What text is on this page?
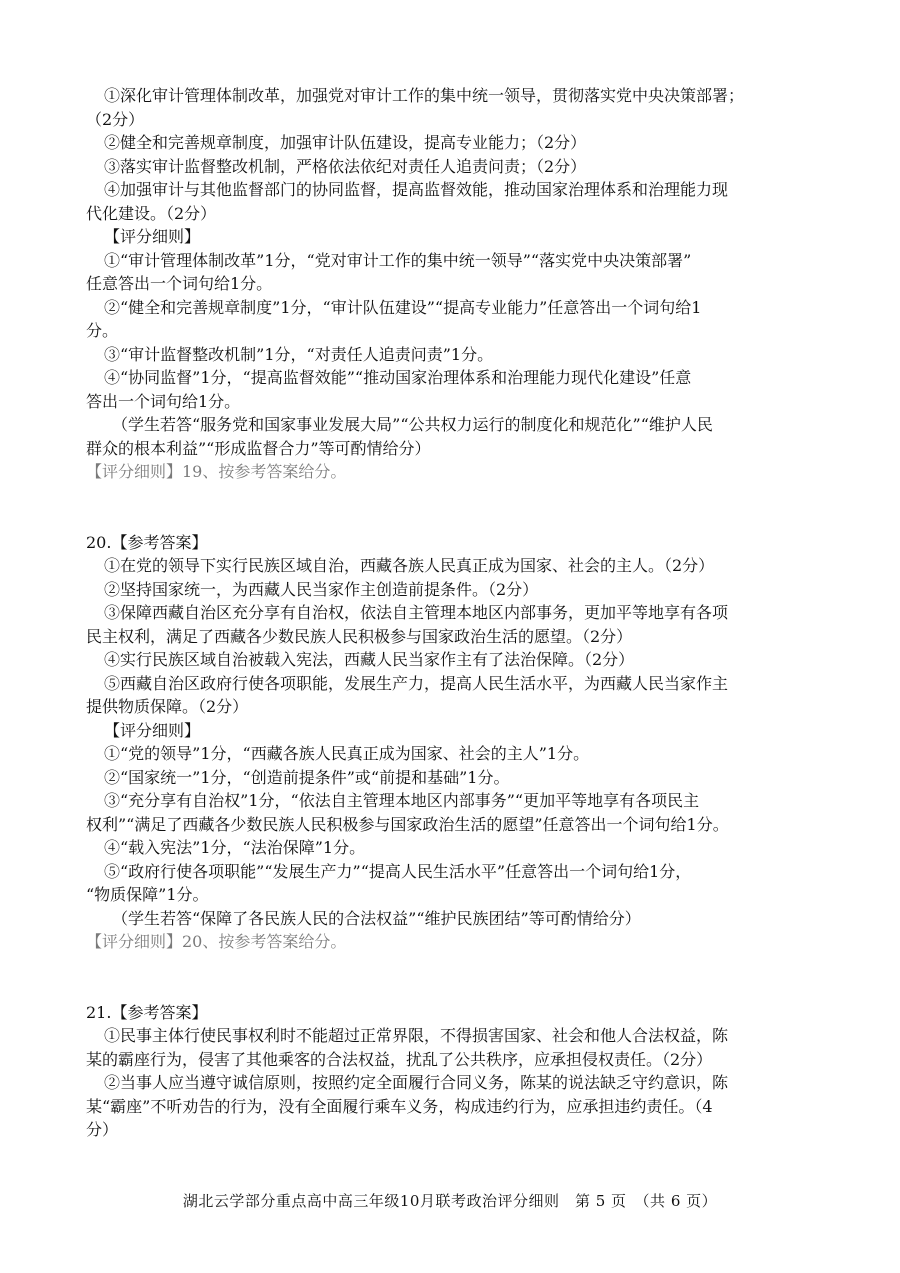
①深化审计管理体制改革，加强党对审计工作的集中统一领导，贯彻落实党中央决策部署；
（2分）
②健全和完善规章制度，加强审计队伍建设，提高专业能力；（2分）
③落实审计监督整改机制，严格依法依纪对责任人追责问责；（2分）
④加强审计与其他监督部门的协同监督，提高监督效能，推动国家治理体系和治理能力现
代化建设。（2分）
【评分细则】
①“审计管理体制改革”1分，“党对审计工作的集中统一领导”“落实党中央决策部署”
任意答出一个词句给1分。
②“健全和完善规章制度”1分，“审计队伍建设”“提高专业能力”任意答出一个词句给1
分。
③“审计监督整改机制”1分，“对责任人追责问责”1分。
④“协同监督”1分，“提高监督效能”“推动国家治理体系和治理能力现代化建设”任意
答出一个词句给1分。
（学生若答“服务党和国家事业发展大局”“公共权力运行的制度化和规范化”“维护人民
群众的根本利益”“形成监督合力”等可酌情给分）
【评分细则】19、按参考答案给分。
20.【参考答案】
①在党的领导下实行民族区域自治，西藏各族人民真正成为国家、社会的主人。（2分）
②坚持国家统一，为西藏人民当家作主创造前提条件。（2分）
③保障西藏自治区充分享有自治权，依法自主管理本地区内部事务，更加平等地享有各项
民主权利，满足了西藏各少数民族人民积极参与国家政治生活的愿望。（2分）
④实行民族区域自治被载入宪法，西藏人民当家作主有了法治保障。（2分）
⑤西藏自治区政府行使各项职能，发展生产力，提高人民生活水平，为西藏人民当家作主
提供物质保障。（2分）
【评分细则】
①“党的领导”1分，“西藏各族人民真正成为国家、社会的主人”1分。
②“国家统一”1分，“创造前提条件”或“前提和基础”1分。
③“充分享有自治权”1分，“依法自主管理本地区内部事务”“更加平等地享有各项民主
权利”“满足了西藏各少数民族人民积极参与国家政治生活的愿望”任意答出一个词句给1分。
④“载入宪法”1分，“法治保障”1分。
⑤“政府行使各项职能”“发展生产力”“提高人民生活水平”任意答出一个词句给1分，
“物质保障”1分。
（学生若答“保障了各民族人民的合法权益”“维护民族团结”等可酌情给分）
【评分细则】20、按参考答案给分。
21.【参考答案】
①民事主体行使民事权利时不能超过正常界限，不得损害国家、社会和他人合法权益，陈
某的霸座行为，侵害了其他乘客的合法权益，扰乱了公共秩序，应承担侵权责任。（2分）
②当事人应当遵守诚信原则，按照约定全面履行合同义务，陈某的说法缺乏守约意识，陈
某“霸座”不听劝告的行为，没有全面履行乘车义务，构成违约行为，应承担违约责任。（4
分）
湖北云学部分重点高中高三年级10月联考政治评分细则　第 5 页　（共 6 页）
